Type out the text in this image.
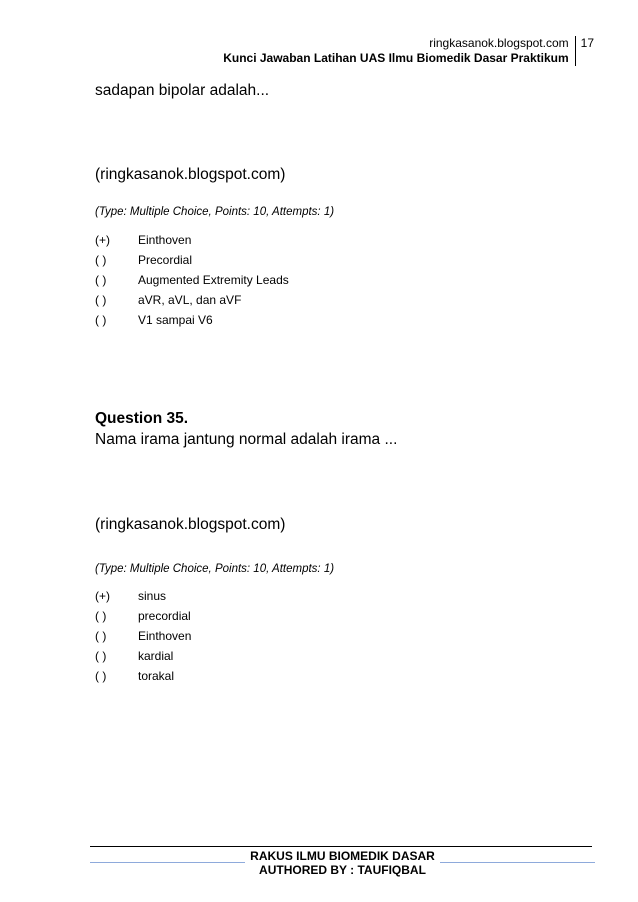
ringkasanok.blogspot.com
Kunci Jawaban Latihan UAS Ilmu Biomedik Dasar Praktikum
17
sadapan bipolar adalah...
(ringkasanok.blogspot.com)
(Type: Multiple Choice, Points: 10, Attempts: 1)
(+)	Einthoven
( )	Precordial
( )	Augmented Extremity Leads
( )	aVR, aVL, dan aVF
( )	V1 sampai V6
Question 35.
Nama irama jantung normal adalah irama ...
(ringkasanok.blogspot.com)
(Type: Multiple Choice, Points: 10, Attempts: 1)
(+)	sinus
( )	precordial
( )	Einthoven
( )	kardial
( )	torakal
RAKUS ILMU BIOMEDIK DASAR
AUTHORED BY : TAUFIQBAL
